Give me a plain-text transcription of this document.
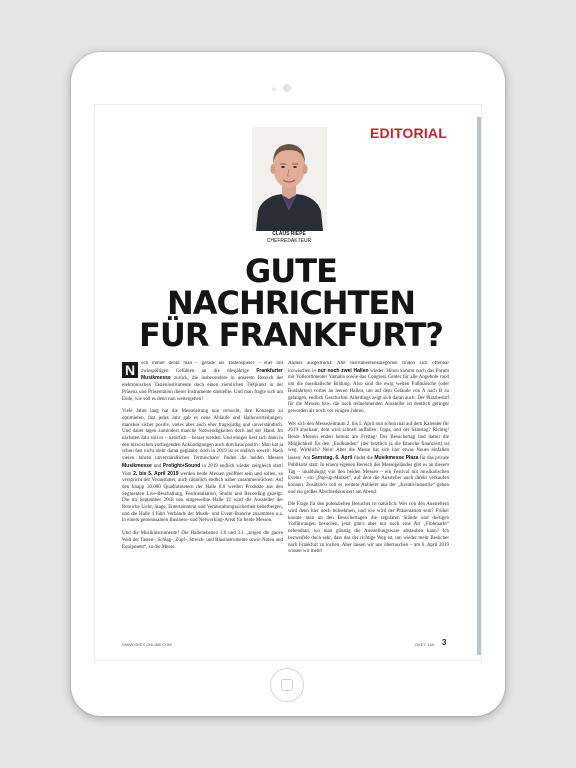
EDITORIAL
CLAUS RIEPE
CHEFREDAKTEUR
GUTE
NACHRICHTEN
FÜR FRANKFURT?

N	och immer denkt man – gerade als Tastenspieler – eher mit zwiespältigen Gefühlen an die diesjährige Frankfurter Musikmesse zurück, die insbesondere in unserem Bereich der elektronischen Tasteninstrumente doch einen ziemlichen Tiefpunkt in der Präsenz und Präsentation dieser Instrumente darstellte. Und man fragte sich am Ende, wie soll es denn nun weitergehen?

Viele Jahre lang hat die Messeleitung nun versucht, ihre Konzepte zu optimieren, fast jedes Jahr gab es neue Abläufe und Hallenverteilungen, manches sicher positiv, vieles aber auch eher fragwürdig und unverständlich. Und dabei lagen zumindest manche Notwendigkeiten doch auf der Hand. Im nächsten Jahr soll es – natürlich – besser werden. Und einiges liest sich dann in den inzwischen vorliegenden Ankündigungen auch durchaus positiv: Man hat ja schon fast nicht mehr daran geglaubt, doch in 2019 ist es endlich soweit: Nach vielen Jahren unverständlichen Terminchaos' finden die beiden Messen Musikmesse und Prolight+Sound in 2019 endlich wieder zeitgleich statt! Vom 2. bis 5. April 2019 werden beide Messen geöffnet sein und sollen, so verspricht der Veranstalter, auch räumlich endlich näher zusammenrücken: Auf den knapp 30.000 Quadratmetern der Halle 8.0 werden Produkte aus den Segmenten Live-Beschallung, Festinstallation, Studio und Recording gezeigt. Die im September 2018 neu eingeweihte Halle 12 wird die Aussteller der Bereiche Licht, Stage, Entertainment und Veranstaltungssicherheit beherbergen, und die Halle 4 führt Verbände der Musik- und Event-Branche zusammen u.a. in einem gemeinsamen Business- und Networking-Areal für beide Messen.

Und die Musikinstrumente? Die Hallenebenen 3.0 und 3.1 „zeigen die ganze Welt der Tasten-, Schlag-, Zupf-, Streich- und Blasinstrumente sowie Noten und Equipment“, so die Messe.

Anders ausgedrückt: Alle Instrumentenkategorien finden sich offenbar inzwischen in nur noch zwei Hallen wieder. Hinzu kommt noch das Forum mit Vollsortimenter Yamaha sowie das Congress Center für alle Angebote rund um die musikalische Bildung. Also sind die ewig weiten Fußmärsche (oder Busfahrten) vorbei an leeren Hallen, um auf dem Gelände von A nach B zu gelangen, endlich Geschichte. Allerdings zeigt sich daran auch: Der Platzbedarf für die Messen bzw. die noch teilnehmenden Aussteller ist deutlich geringer geworden als noch vor einigen Jahren.

Wer sich den Messezeitraum 2. bis 5. April nun schon mal auf dem Kalender für 2019 anschaut, dem wird schnell auffallen: Upps, und der Samstag? Richtig! Beide Messen enden bereits am Freitag! Der Besuchertag und damit die Möglichkeit für den „Endkunden“ (der letztlich ja die Branche finanziert) ist weg. Wirklich? Nein! Aber die Messe hat sich hier etwas Neues einfallen lassen: Am Samstag, 6. April findet die Musikmesse Plaza für das private Publikum statt: In einem eigenen Bereich des Messegeländes gibt es an diesem Tag – unabhängig von den beiden Messen – ein Festival mit musikalischen Events - ein „Pop-up-Market“, auf dem die Aussteller auch direkt verkaufen können. Zusätzlich soll es weitere Anbieter aus der „Kreativindustrie“ geben und ein großes Abschiedskonzert am Abend.

Die Frage für den potenziellen Besucher ist natürlich: Wer von den Ausstellern wird denn hier noch teilnehmen, und wie wird der Präsentation sein? Früher konnte man an den Besuchertagen die regulären Stände und dortigen Vorführungen besuchen, jetzt gibt's aber nur noch eine Art „Flohmarkt“ nebendran, wo man günstig die Ausstellungsware abstauben kann? Ich bezweifele doch sehr, dass das der richtige Weg ist, um wieder mehr Besucher nach Frankfurt zu locken. Aber lassen wir uns überraschen – am 6. April 2019 wissen wir mehr!

WWW.OKEY-ONLINE.COM	OKEY 145 3
